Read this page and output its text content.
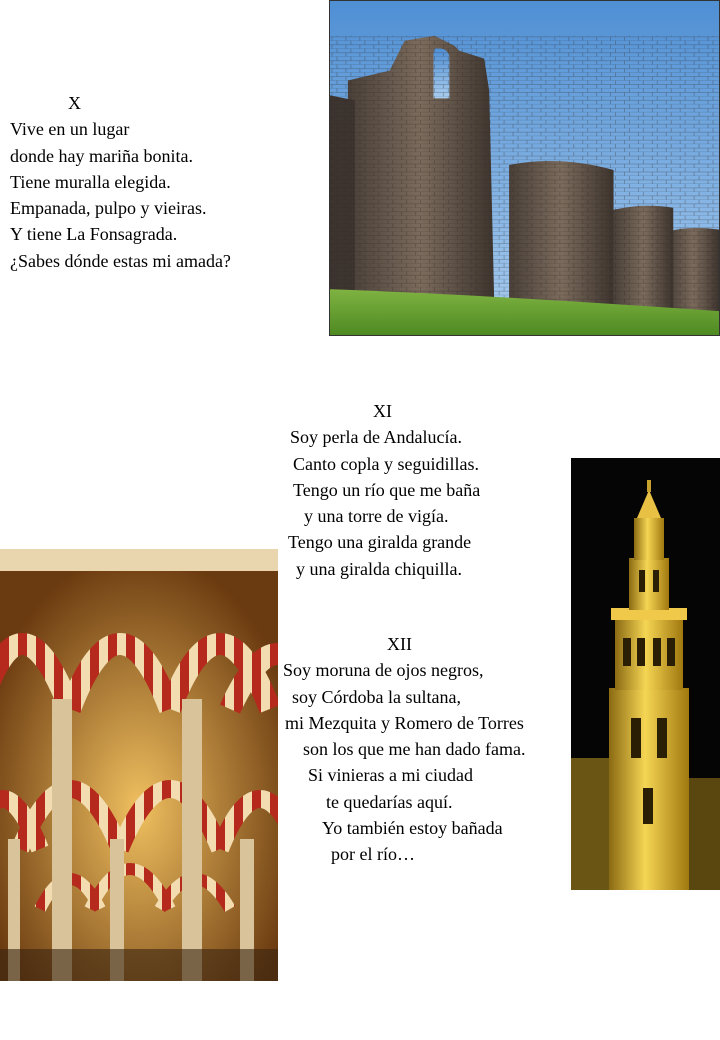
X
Vive en un lugar
donde hay mariña bonita.
Tiene muralla elegida.
Empanada, pulpo y vieiras.
Y tiene La Fonsagrada.
¿Sabes dónde estas mi amada?
XI
Soy perla de Andalucía.
Canto copla y seguidillas.
Tengo un río que me baña
y una torre de vigía.
Tengo una giralda grande
y una giralda chiquilla.
XII
Soy moruna de ojos negros,
soy Córdoba la sultana,
mi Mezquita y Romero de Torres
son los que me han dado fama.
Si vinieras a mi ciudad
te quedarías aquí.
Yo también estoy bañada
por el río…
